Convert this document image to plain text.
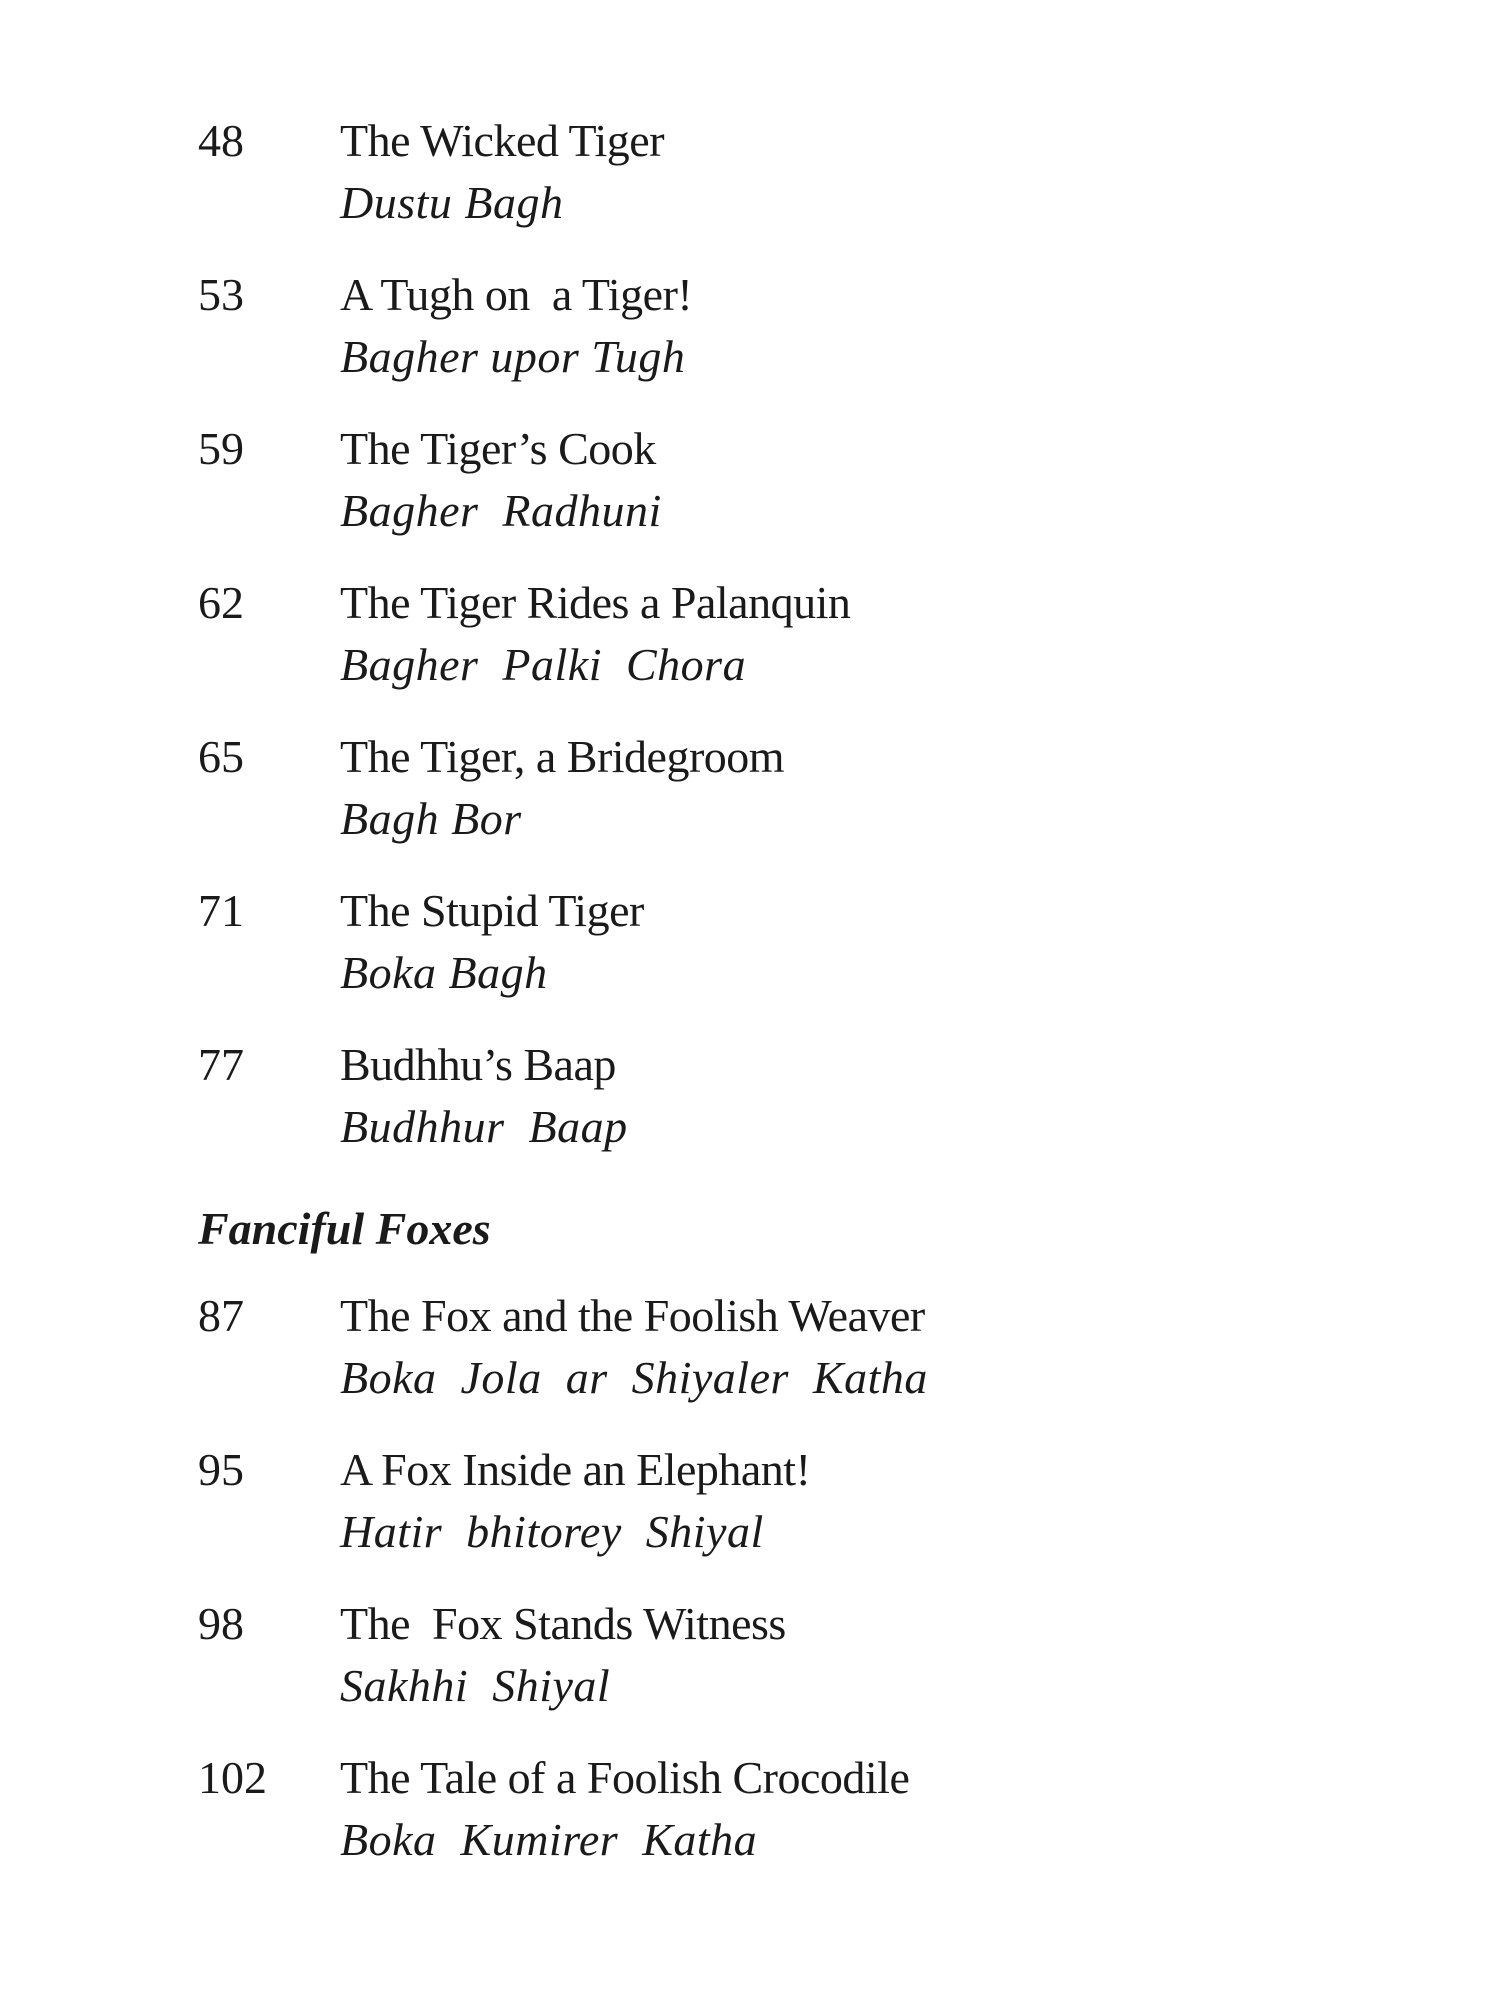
48	The Wicked Tiger
Dustu Bagh
53	A Tugh on  a Tiger!
Bagher upor Tugh
59	The Tiger’s Cook
Bagher  Radhuni
62	The Tiger Rides a Palanquin
Bagher  Palki  Chora
65	The Tiger, a Bridegroom
Bagh Bor
71	The Stupid Tiger
Boka Bagh
77	Budhhu’s Baap
Budhhur  Baap
Fanciful Foxes
87	The Fox and the Foolish Weaver
Boka  Jola  ar  Shiyaler  Katha
95	A Fox Inside an Elephant!
Hatir  bhitorey  Shiyal
98	The  Fox Stands Witness
Sakhhi  Shiyal
102	The Tale of a Foolish Crocodile
Boka  Kumirer  Katha
